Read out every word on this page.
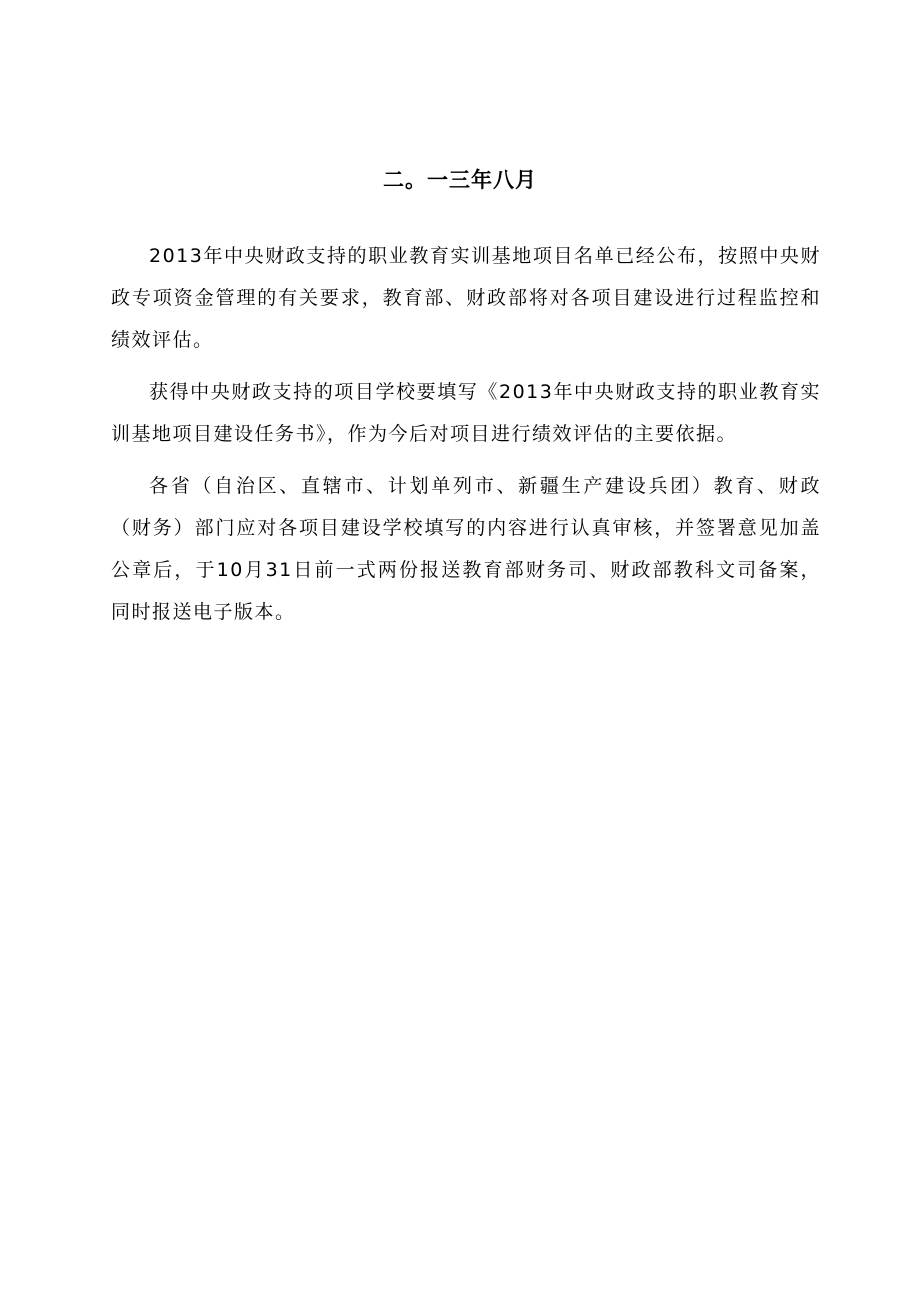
二。一三年八月

2013年中央财政支持的职业教育实训基地项目名单已经公布，按照中央财政专项资金管理的有关要求，教育部、财政部将对各项目建设进行过程监控和绩效评估。

获得中央财政支持的项目学校要填写《2013年中央财政支持的职业教育实训基地项目建设任务书》，作为今后对项目进行绩效评估的主要依据。

各省（自治区、直辖市、计划单列市、新疆生产建设兵团）教育、财政（财务）部门应对各项目建设学校填写的内容进行认真审核，并签署意见加盖公章后，于10月31日前一式两份报送教育部财务司、财政部教科文司备案，同时报送电子版本。
